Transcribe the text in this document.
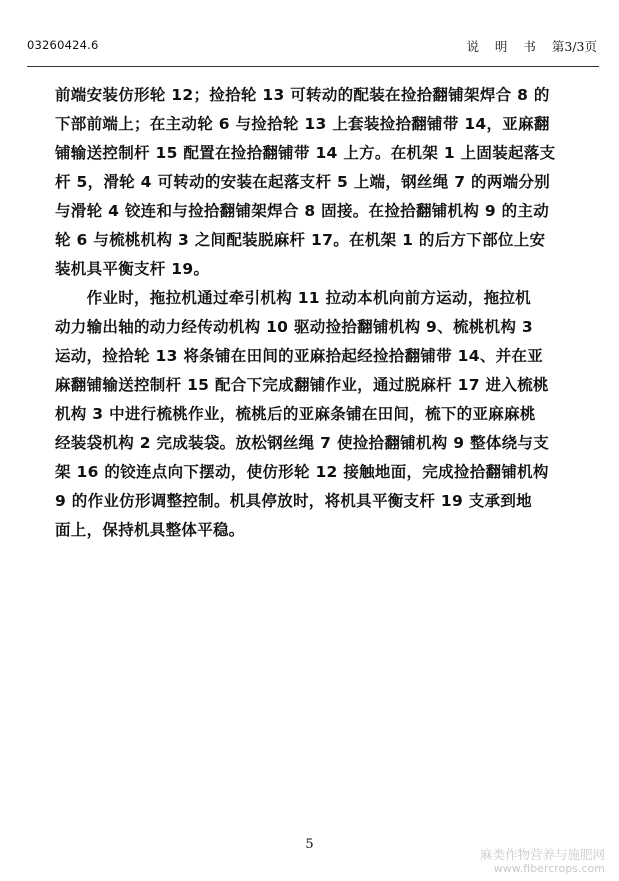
03260424.6	说 明 书 第3/3页
前端安装仿形轮 12；捡拾轮 13 可转动的配装在捡拾翻铺架焊合 8 的
下部前端上；在主动轮 6 与捡拾轮 13 上套装捡拾翻铺带 14，亚麻翻
铺输送控制杆 15 配置在捡拾翻铺带 14 上方。在机架 1 上固装起落支
杆 5，滑轮 4 可转动的安装在起落支杆 5 上端，钢丝绳 7 的两端分别
与滑轮 4 铰连和与捡拾翻铺架焊合 8 固接。在捡拾翻铺机构 9 的主动
轮 6 与梳桃机构 3 之间配装脱麻杆 17。在机架 1 的后方下部位上安
装机具平衡支杆 19。
　　作业时，拖拉机通过牵引机构 11 拉动本机向前方运动，拖拉机
动力输出轴的动力经传动机构 10 驱动捡拾翻铺机构 9、梳桃机构 3
运动，捡拾轮 13 将条铺在田间的亚麻拾起经捡拾翻铺带 14、并在亚
麻翻铺输送控制杆 15 配合下完成翻铺作业，通过脱麻杆 17 进入梳桃
机构 3 中进行梳桃作业，梳桃后的亚麻条铺在田间，梳下的亚麻麻桃
经装袋机构 2 完成装袋。放松钢丝绳 7 使捡拾翻铺机构 9 整体绕与支
架 16 的铰连点向下摆动，使仿形轮 12 接触地面，完成捡拾翻铺机构
9 的作业仿形调整控制。机具停放时，将机具平衡支杆 19 支承到地
面上，保持机具整体平稳。
5
麻类作物营养与施肥网
www.fibercrops.com
